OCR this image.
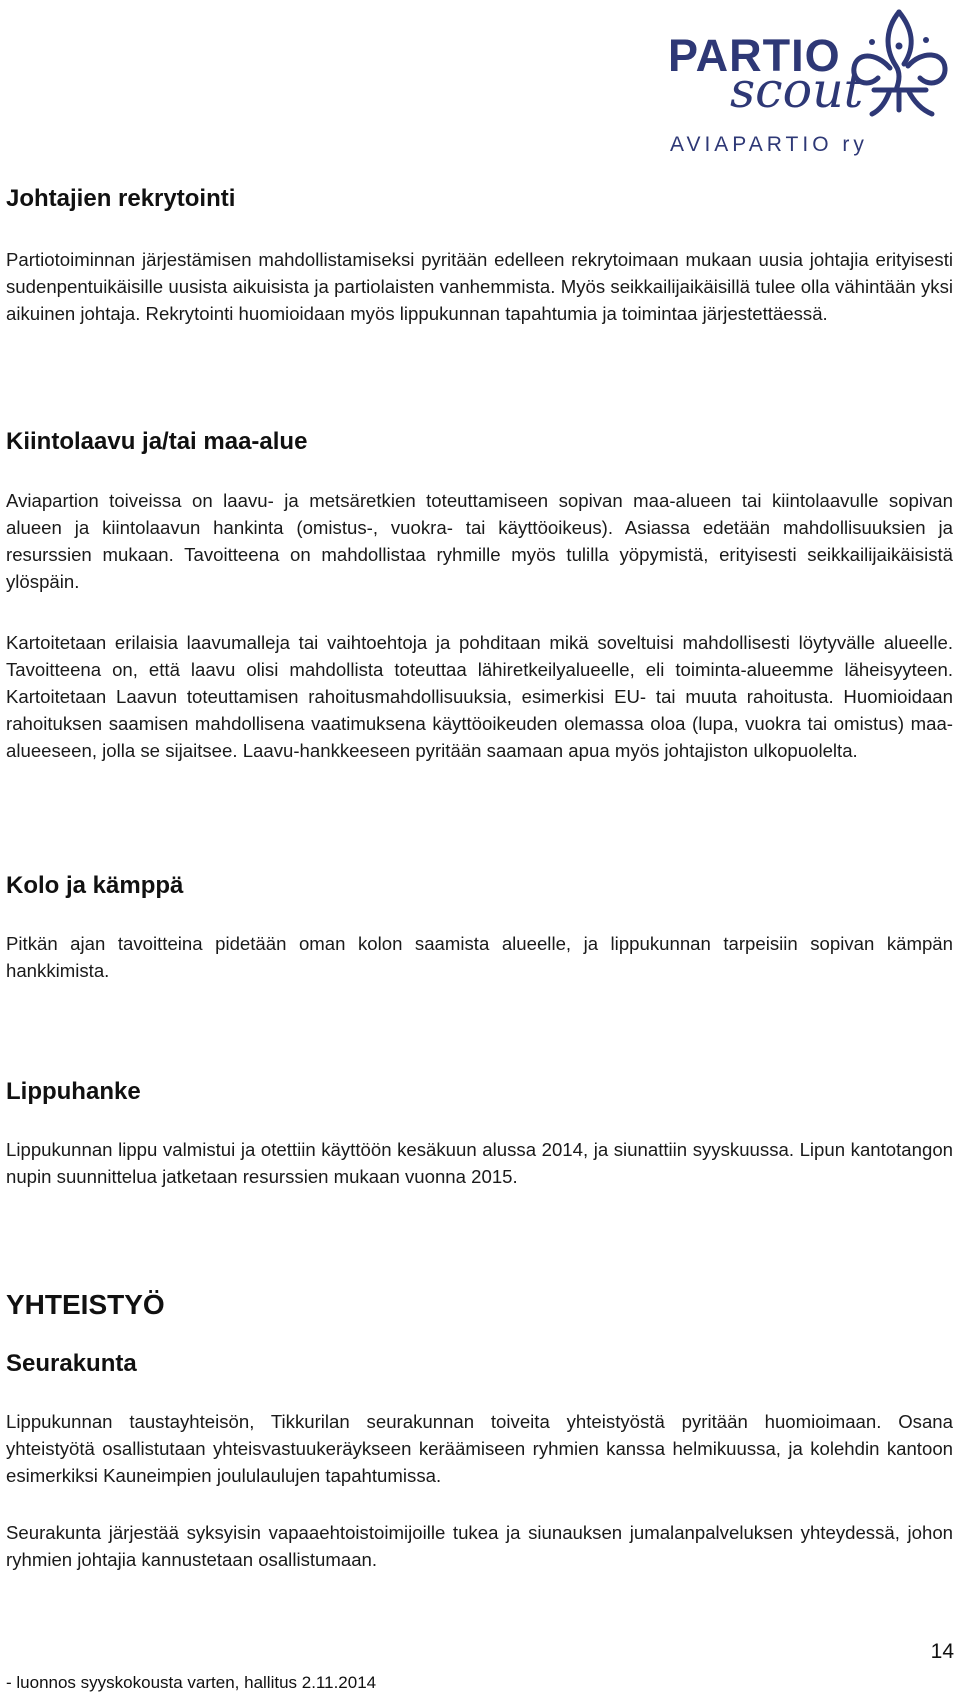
PARTIO
scout
AVIAPARTIO ry
Johtajien rekrytointi

Partiotoiminnan järjestämisen mahdollistamiseksi pyritään edelleen rekrytoimaan mukaan uusia johtajia erityisesti sudenpentuikäisille uusista aikuisista ja partiolaisten vanhemmista. Myös seikkailijaikäisillä tulee olla vähintään yksi aikuinen johtaja. Rekrytointi huomioidaan myös lippukunnan tapahtumia ja toimintaa järjestettäessä.

Kiintolaavu ja/tai maa-alue

Aviapartion toiveissa on laavu- ja metsäretkien toteuttamiseen sopivan maa-alueen tai kiintolaavulle sopivan alueen ja kiintolaavun hankinta (omistus-, vuokra- tai käyttöoikeus). Asiassa edetään mahdollisuuksien ja resurssien mukaan. Tavoitteena on mahdollistaa ryhmille myös tulilla yöpymistä, erityisesti seikkailijaikäisistä ylöspäin.

Kartoitetaan erilaisia laavumalleja tai vaihtoehtoja ja pohditaan mikä soveltuisi mahdollisesti löytyvälle alueelle. Tavoitteena on, että laavu olisi mahdollista toteuttaa lähiretkeilyalueelle, eli toiminta-alueemme läheisyyteen. Kartoitetaan Laavun toteuttamisen rahoitusmahdollisuuksia, esimerkisi EU- tai muuta rahoitusta. Huomioidaan rahoituksen saamisen mahdollisena vaatimuksena käyttöoikeuden olemassa oloa (lupa, vuokra tai omistus) maa-alueeseen, jolla se sijaitsee. Laavu-hankkeeseen pyritään saamaan apua myös johtajiston ulkopuolelta.

Kolo ja kämppä

Pitkän ajan tavoitteina pidetään oman kolon saamista alueelle, ja lippukunnan tarpeisiin sopivan kämpän hankkimista.

Lippuhanke

Lippukunnan lippu valmistui ja otettiin käyttöön kesäkuun alussa 2014, ja siunattiin syyskuussa. Lipun kantotangon nupin suunnittelua jatketaan resurssien mukaan vuonna 2015.

YHTEISTYÖ
Seurakunta

Lippukunnan taustayhteisön, Tikkurilan seurakunnan toiveita yhteistyöstä pyritään huomioimaan. Osana yhteistyötä osallistutaan yhteisvastuukeräykseen keräämiseen ryhmien kanssa helmikuussa, ja kolehdin kantoon esimerkiksi Kauneimpien joululaulujen tapahtumissa.

Seurakunta järjestää syksyisin vapaaehtoistoimijoille tukea ja siunauksen jumalanpalveluksen yhteydessä, johon ryhmien johtajia kannustetaan osallistumaan.

14
- luonnos syyskokousta varten, hallitus 2.11.2014
